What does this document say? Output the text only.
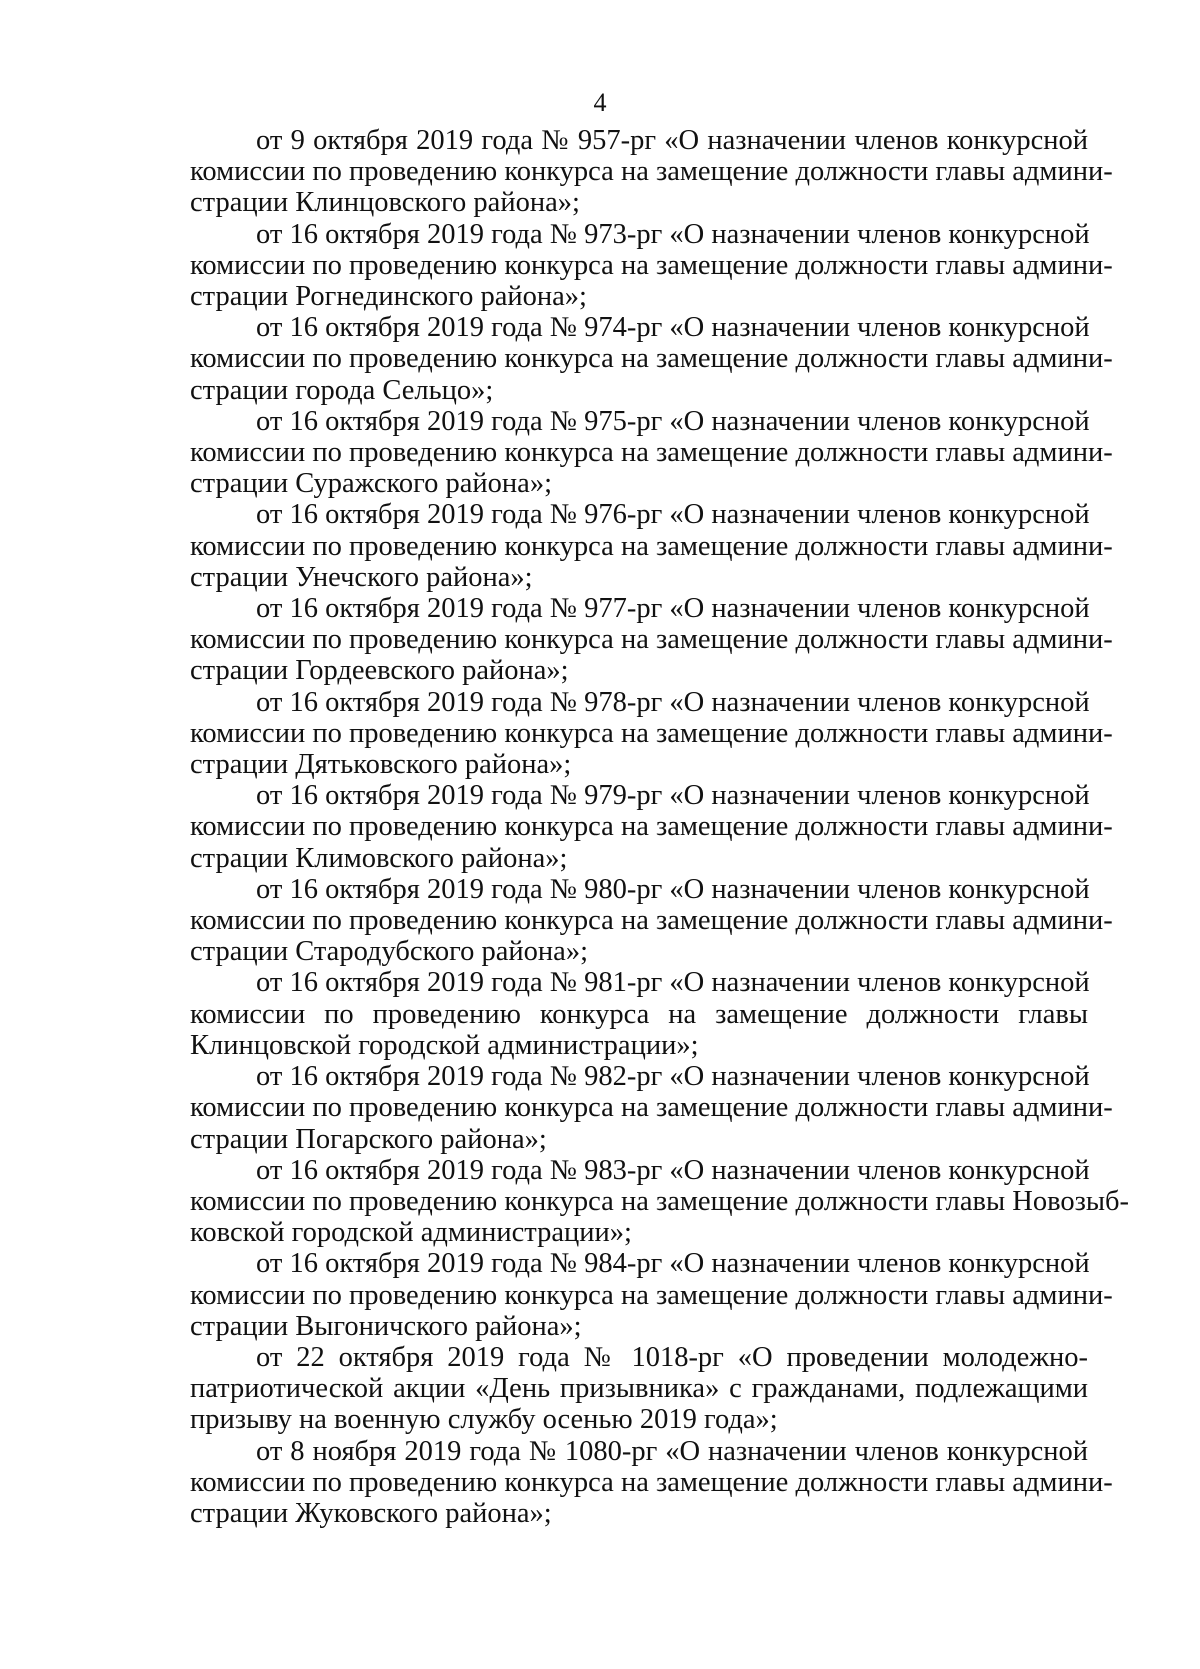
4

от 9 октября 2019 года № 957-рг «О назначении членов конкурсной
комиссии по проведению конкурса на замещение должности главы админи-
страции Клинцовского района»;

от 16 октября 2019 года № 973-рг «О назначении членов конкурсной
комиссии по проведению конкурса на замещение должности главы админи-
страции Рогнединского района»;

от 16 октября 2019 года № 974-рг «О назначении членов конкурсной
комиссии по проведению конкурса на замещение должности главы админи-
страции города Сельцо»;

от 16 октября 2019 года № 975-рг «О назначении членов конкурсной
комиссии по проведению конкурса на замещение должности главы админи-
страции Суражского района»;

от 16 октября 2019 года № 976-рг «О назначении членов конкурсной
комиссии по проведению конкурса на замещение должности главы админи-
страции Унечского района»;

от 16 октября 2019 года № 977-рг «О назначении членов конкурсной
комиссии по проведению конкурса на замещение должности главы админи-
страции Гордеевского района»;

от 16 октября 2019 года № 978-рг «О назначении членов конкурсной
комиссии по проведению конкурса на замещение должности главы админи-
страции Дятьковского района»;

от 16 октября 2019 года № 979-рг «О назначении членов конкурсной
комиссии по проведению конкурса на замещение должности главы админи-
страции Климовского района»;

от 16 октября 2019 года № 980-рг «О назначении членов конкурсной
комиссии по проведению конкурса на замещение должности главы админи-
страции Стародубского района»;

от 16 октября 2019 года № 981-рг «О назначении членов конкурсной
комиссии по проведению конкурса на замещение должности главы
Клинцовской городской администрации»;

от 16 октября 2019 года № 982-рг «О назначении членов конкурсной
комиссии по проведению конкурса на замещение должности главы админи-
страции Погарского района»;

от 16 октября 2019 года № 983-рг «О назначении членов конкурсной
комиссии по проведению конкурса на замещение должности главы Новозыб-
ковской городской администрации»;

от 16 октября 2019 года № 984-рг «О назначении членов конкурсной
комиссии по проведению конкурса на замещение должности главы админи-
страции Выгоничского района»;

от 22 октября 2019 года № 1018-рг «О проведении молодежно-
патриотической акции «День призывника» с гражданами, подлежащими
призыву на военную службу осенью 2019 года»;

от 8 ноября 2019 года № 1080-рг «О назначении членов конкурсной
комиссии по проведению конкурса на замещение должности главы админи-
страции Жуковского района»;
